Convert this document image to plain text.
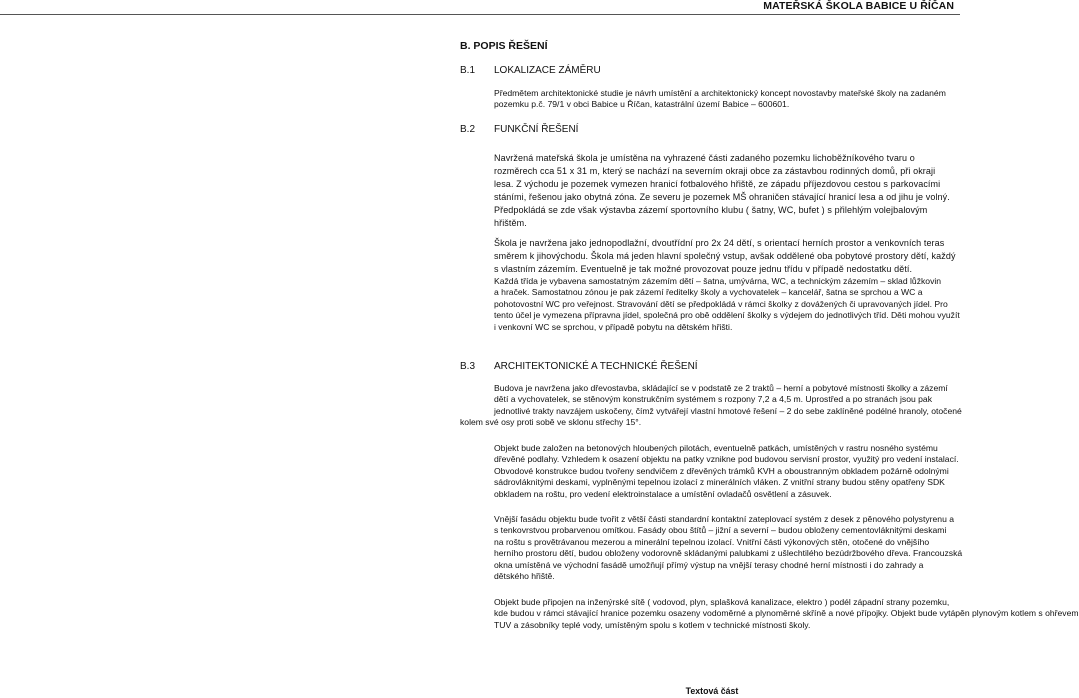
MATEŘSKÁ ŠKOLA BABICE U ŘÍČAN
B. POPIS ŘEŠENÍ
B.1 LOKALIZACE ZÁMĚRU
Předmětem architektonické studie je návrh umístění a architektonický koncept novostavby mateřské školy na zadaném
pozemku p.č. 79/1 v obci Babice u Říčan, katastrální území Babice – 600601.
B.2 FUNKČNÍ ŘEŠENÍ
Navržená mateřská škola je umístěna na vyhrazené části zadaného pozemku lichoběžníkového tvaru o
rozměrech cca 51 x 31 m, který se nachází na severním okraji obce za zástavbou rodinných domů, při okraji
lesa. Z východu je pozemek vymezen hranicí fotbalového hřiště, ze západu příjezdovou cestou s parkovacími
stáními, řešenou jako obytná zóna. Ze severu je pozemek MŠ ohraničen stávající hranicí lesa a od jihu je volný.
Předpokládá se zde však výstavba zázemí sportovního klubu ( šatny, WC, bufet ) s přilehlým volejbalovým
hřištěm.
Škola je navržena jako jednopodlažní, dvoutřídní pro 2x 24 dětí, s orientací herních prostor a venkovních teras
směrem k jihovýchodu. Škola má jeden hlavní společný vstup, avšak oddělené oba pobytové prostory dětí, každý
s vlastním zázemím. Eventuelně je tak možné provozovat pouze jednu třídu v případě nedostatku dětí.
Každá třída je vybavena samostatným zázemím dětí – šatna, umývárna, WC, a technickým zázemím – sklad lůžkovin
a hraček. Samostatnou zónou je pak zázemí ředitelky školy a vychovatelek – kancelář, šatna se sprchou a WC a
pohotovostní WC pro veřejnost. Stravování dětí se předpokládá v rámci školky z dovážených či upravovaných jídel. Pro
tento účel je vymezena přípravna jídel, společná pro obě oddělení školky s výdejem do jednotlivých tříd. Děti mohou využít
i venkovní WC se sprchou, v případě pobytu na dětském hřišti.
B.3 ARCHITEKTONICKÉ A TECHNICKÉ ŘEŠENÍ
Budova je navržena jako dřevostavba, skládající se v podstatě ze 2 traktů – herní a pobytové místnosti školky a zázemí
dětí a vychovatelek, se stěnovým konstrukčním systémem s rozpony 7,2 a 4,5 m. Uprostřed a po stranách jsou pak
jednotlivé trakty navzájem uskočeny, čímž vytvářejí vlastní hmotové řešení – 2 do sebe zaklíněné podélné hranoly, otočené
kolem své osy proti sobě ve sklonu střechy 15°.
Objekt bude založen na betonových hloubených pilotách, eventuelně patkách, umístěných v rastru nosného systému
dřevěné podlahy. Vzhledem k osazení objektu na patky vznikne pod budovou servisní prostor, využitý pro vedení instalací.
Obvodové konstrukce budou tvořeny sendvičem z dřevěných trámků KVH a oboustranným obkladem požárně odolnými
sádrovláknitými deskami, vyplněnými tepelnou izolací z minerálních vláken. Z vnitřní strany budou stěny opatřeny SDK
obkladem na roštu, pro vedení elektroinstalace a umístění ovladačů osvětlení a zásuvek.
Vnější fasádu objektu bude tvořit z větší části standardní kontaktní zateplovací systém z desek z pěnového polystyrenu a
s tenkovrstvou probarvenou omítkou. Fasády obou štítů – jižní a severní – budou obloženy cementovláknitými deskami
na roštu s provětrávanou mezerou a minerální tepelnou izolací. Vnitřní části výkonových stěn, otočené do vnějšího
herního prostoru dětí, budou obloženy vodorovně skládanými palubkami z ušlechtilého bezúdržbového dřeva. Francouzská
okna umístěná ve východní fasádě umožňují přímý výstup na vnější terasy chodné herní místnosti i do zahrady a
dětského hřiště.
Objekt bude připojen na inženýrské sítě ( vodovod, plyn, splašková kanalizace, elektro ) podél západní strany pozemku,
kde budou v rámci stávající hranice pozemku osazeny vodoměrné a plynoměrné skříně a nové přípojky. Objekt bude vytápěn plynovým kotlem s ohřevem
TUV a zásobníky teplé vody, umístěným spolu s kotlem v technické místnosti školy.
Textová část
